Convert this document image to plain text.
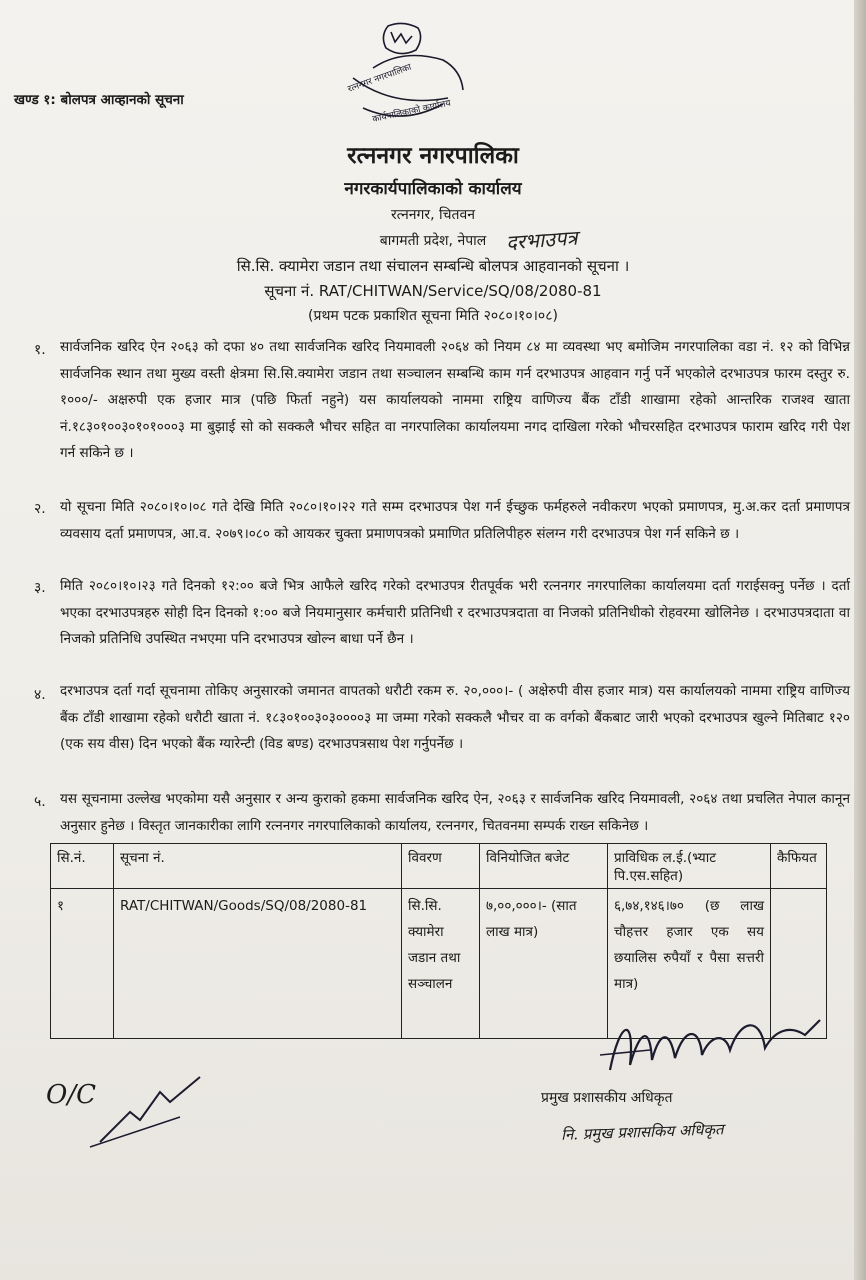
खण्ड १: बोलपत्र आव्हानको सूचना
रत्ननगर नगरपालिका
कार्यपालिकाको कार्यालय
रत्ननगर नगरपालिका
नगरकार्यपालिकाको कार्यालय
रत्ननगर, चितवन
बागमती प्रदेश, नेपाल दरभाउपत्र
सि.सि. क्यामेरा जडान तथा संचालन सम्बन्धि बोलपत्र आहवानको सूचना ।
सूचना नं. RAT/CHITWAN/Service/SQ/08/2080-81
(प्रथम पटक प्रकाशित सूचना मिति २०८०।१०।०८)
१. सार्वजनिक खरिद ऐन २०६३ को दफा ४० तथा सार्वजनिक खरिद नियमावली २०६४ को नियम ८४ मा व्यवस्था भए बमोजिम नगरपालिका वडा नं. १२ को विभिन्न सार्वजनिक स्थान तथा मुख्य वस्ती क्षेत्रमा सि.सि.क्यामेरा जडान तथा सञ्चालन सम्बन्धि काम गर्न दरभाउपत्र आहवान गर्नु पर्ने भएकोले दरभाउपत्र फारम दस्तुर रु. १०००/- अक्षरुपी एक हजार मात्र (पछि फिर्ता नहुने) यस कार्यालयको नाममा राष्ट्रिय वाणिज्य बैंक टाँडी शाखामा रहेको आन्तरिक राजश्व खाता नं.१८३०१००३०१०१०००३ मा बुझाई सो को सक्कलै भौचर सहित वा नगरपालिका कार्यालयमा नगद दाखिला गरेको भौचरसहित दरभाउपत्र फाराम खरिद गरी पेश गर्न सकिने छ ।
२. यो सूचना मिति २०८०।१०।०८ गते देखि मिति २०८०।१०।२२ गते सम्म दरभाउपत्र पेश गर्न ईच्छुक फर्महरुले नवीकरण भएको प्रमाणपत्र, मु.अ.कर दर्ता प्रमाणपत्र व्यवसाय दर्ता प्रमाणपत्र, आ.व. २०७९।०८० को आयकर चुक्ता प्रमाणपत्रको प्रमाणित प्रतिलिपीहरु संलग्न गरी दरभाउपत्र पेश गर्न सकिने छ ।
३. मिति २०८०।१०।२३ गते दिनको १२:०० बजे भित्र आफैले खरिद गरेको दरभाउपत्र रीतपूर्वक भरी रत्ननगर नगरपालिका कार्यालयमा दर्ता गराईसक्नु पर्नेछ । दर्ता भएका दरभाउपत्रहरु सोही दिन दिनको १:०० बजे नियमानुसार कर्मचारी प्रतिनिधी र दरभाउपत्रदाता वा निजको प्रतिनिधीको रोहवरमा खोलिनेछ । दरभाउपत्रदाता वा निजको प्रतिनिधि उपस्थित नभएमा पनि दरभाउपत्र खोल्न बाधा पर्ने छैन ।
४. दरभाउपत्र दर्ता गर्दा सूचनामा तोकिए अनुसारको जमानत वापतको धरौटी रकम रु. २०,०००।- ( अक्षेरुपी वीस हजार मात्र) यस कार्यालयको नाममा राष्ट्रिय वाणिज्य बैंक टाँडी शाखामा रहेको धरौटी खाता नं. १८३०१००३०३००००३ मा जम्मा गरेको सक्कलै भौचर वा क वर्गको बैंकबाट जारी भएको दरभाउपत्र खुल्ने मितिबाट १२० (एक सय वीस) दिन भएको बैंक ग्यारेन्टी (विड बण्ड) दरभाउपत्रसाथ पेश गर्नुपर्नेछ ।
५. यस सूचनामा उल्लेख भएकोमा यसै अनुसार र अन्य कुराको हकमा सार्वजनिक खरिद ऐन, २०६३ र सार्वजनिक खरिद नियमावली, २०६४ तथा प्रचलित नेपाल कानून अनुसार हुनेछ । विस्तृत जानकारीका लागि रत्ननगर नगरपालिकाको कार्यालय, रत्ननगर, चितवनमा सम्पर्क राख्न सकिनेछ ।
सि.नं.	सूचना नं.	विवरण	विनियोजित बजेट	प्राविधिक ल.ई.(भ्याट पि.एस.सहित)	कैफियत
१	RAT/CHITWAN/Goods/SQ/08/2080-81	सि.सि. क्यामेरा जडान तथा सञ्चालन	७,००,०००।- (सात लाख मात्र)	६,७४,१४६।७० (छ लाख चौहत्तर हजार एक सय छयालिस रुपैयाँ र पैसा सत्तरी मात्र)	
प्रमुख प्रशासकीय अधिकृत
नि. प्रमुख प्रशासकिय अधिकृत
O/C
